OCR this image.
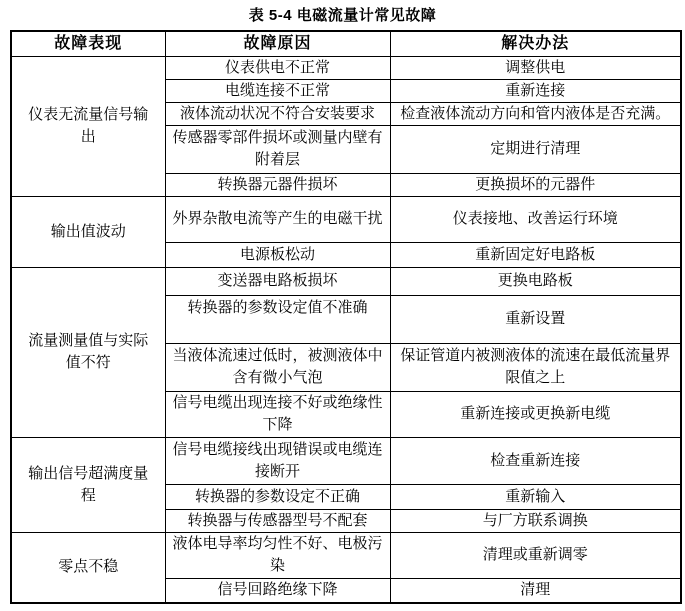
表 5-4 电磁流量计常见故障
故障表现	故障原因	解决办法
仪表无流量信号输出	仪表供电不正常	调整供电
	电缆连接不正常	重新连接
	液体流动状况不符合安装要求	检查液体流动方向和管内液体是否充满。
	传感器零部件损坏或测量内壁有附着层	定期进行清理
	转换器元器件损坏	更换损坏的元器件
输出值波动	外界杂散电流等产生的电磁干扰	仪表接地、改善运行环境
	电源板松动	重新固定好电路板
流量测量值与实际值不符	变送器电路板损坏	更换电路板
	转换器的参数设定值不准确	重新设置
	当液体流速过低时，被测液体中含有微小气泡	保证管道内被测液体的流速在最低流量界限值之上
	信号电缆出现连接不好或绝缘性下降	重新连接或更换新电缆
输出信号超满度量程	信号电缆接线出现错误或电缆连接断开	检查重新连接
	转换器的参数设定不正确	重新输入
	转换器与传感器型号不配套	与厂方联系调换
零点不稳	液体电导率均匀性不好、电极污染	清理或重新调零
	信号回路绝缘下降	清理
